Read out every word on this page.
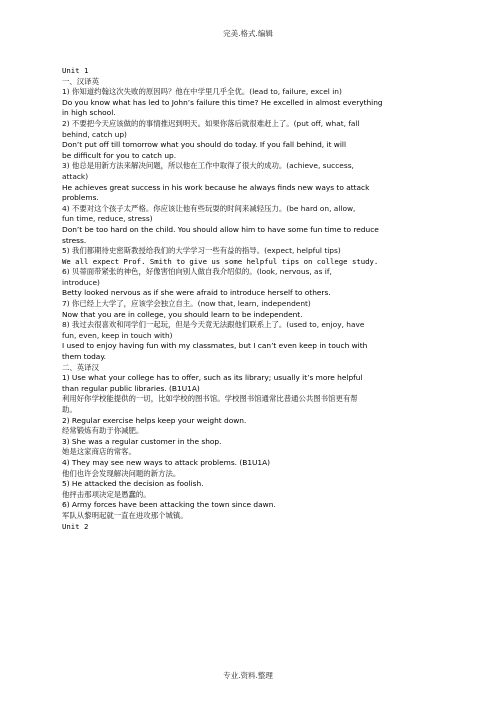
完美.格式.编辑
Unit 1
一、汉译英
1) 你知道约翰这次失败的原因吗？他在中学里几乎全优。(lead to, failure, excel in)
Do you know what has led to John’s failure this time? He excelled in almost everything
in high school.
2) 不要把今天应该做的的事情推迟到明天。如果你落后就很难赶上了。(put off, what, fall
behind, catch up)
Don’t put off till tomorrow what you should do today. If you fall behind, it will
be difficult for you to catch up.
3) 他总是用新方法来解决问题，所以他在工作中取得了很大的成功。(achieve, success,
attack)
He achieves great success in his work because he always finds new ways to attack
problems.
4) 不要对这个孩子太严格。你应该让他有些玩耍的时间来减轻压力。(be hard on, allow,
fun time, reduce, stress)
Don’t be too hard on the child. You should allow him to have some fun time to reduce
stress.
5) 我们都期待史密斯教授给我们的大学学习一些有益的指导。(expect, helpful tips)
We all expect Prof. Smith to give us some helpful tips on college study.
6) 贝蒂面带紧张的神色，好像害怕向别人做自我介绍似的。(look, nervous, as if,
introduce)
Betty looked nervous as if she were afraid to introduce herself to others.
7) 你已经上大学了，应该学会独立自主。(now that, learn, independent)
Now that you are in college, you should learn to be independent.
8) 我过去很喜欢和同学们一起玩，但是今天竟无法跟他们联系上了。(used to, enjoy, have
fun, even, keep in touch with)
I used to enjoy having fun with my classmates, but I can’t even keep in touch with
them today.
二、英译汉
1) Use what your college has to offer, such as its library; usually it’s more helpful
than regular public libraries. (B1U1A)
利用好你学校能提供的一切，比如学校的图书馆。学校图书馆通常比普通公共图书馆更有帮
助。
2) Regular exercise helps keep your weight down.
经常锻炼有助于你减肥。
3) She was a regular customer in the shop.
她是这家商店的常客。
4) They may see new ways to attack problems. (B1U1A)
他们也许会发现解决问题的新方法。
5) He attacked the decision as foolish.
他抨击那项决定是愚蠢的。
6) Army forces have been attacking the town since dawn.
军队从黎明起就一直在进攻那个城镇。
Unit 2
专业.资料.整理
